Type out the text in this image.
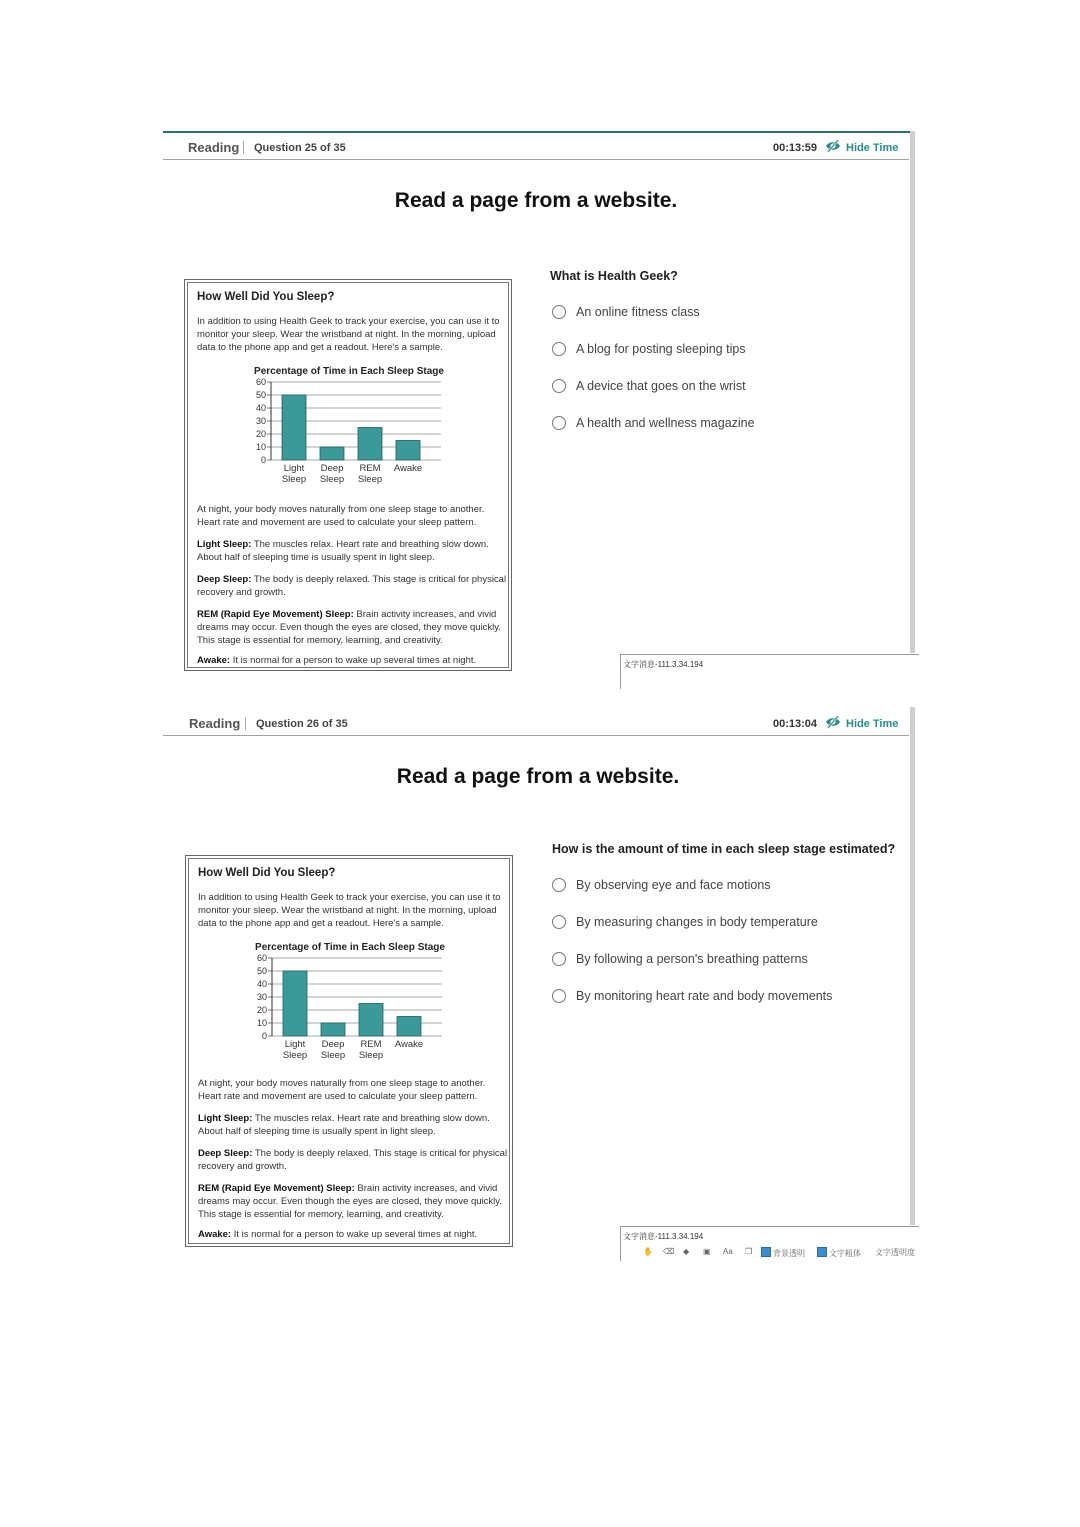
Reading Question 25 of 35	00:13:59	Hide Time
Read a page from a website.
How Well Did You Sleep?
In addition to using Health Geek to track your exercise, you can use it to monitor your sleep. Wear the wristband at night. In the morning, upload data to the phone app and get a readout. Here's a sample.
Percentage of Time in Each Sleep Stage
0
10
20
30
40
50
60
Light
Sleep
Deep
Sleep
REM
Sleep
Awake
At night, your body moves naturally from one sleep stage to another. Heart rate and movement are used to calculate your sleep pattern.
Light Sleep: The muscles relax. Heart rate and breathing slow down. About half of sleeping time is usually spent in light sleep.
Deep Sleep: The body is deeply relaxed. This stage is critical for physical recovery and growth.
REM (Rapid Eye Movement) Sleep: Brain activity increases, and vivid dreams may occur. Even though the eyes are closed, they move quickly. This stage is essential for memory, learning, and creativity.
Awake: It is normal for a person to wake up several times at night.
What is Health Geek?
An online fitness class
A blog for posting sleeping tips
A device that goes on the wrist
A health and wellness magazine
文字消息-111.3.34.194
Reading Question 26 of 35	00:13:04	Hide Time
Read a page from a website.
How Well Did You Sleep?
In addition to using Health Geek to track your exercise, you can use it to monitor your sleep. Wear the wristband at night. In the morning, upload data to the phone app and get a readout. Here's a sample.
Percentage of Time in Each Sleep Stage
0
10
20
30
40
50
60
Light
Sleep
Deep
Sleep
REM
Sleep
Awake
At night, your body moves naturally from one sleep stage to another. Heart rate and movement are used to calculate your sleep pattern.
Light Sleep: The muscles relax. Heart rate and breathing slow down. About half of sleeping time is usually spent in light sleep.
Deep Sleep: The body is deeply relaxed. This stage is critical for physical recovery and growth.
REM (Rapid Eye Movement) Sleep: Brain activity increases, and vivid dreams may occur. Even though the eyes are closed, they move quickly. This stage is essential for memory, learning, and creativity.
Awake: It is normal for a person to wake up several times at night.
How is the amount of time in each sleep stage estimated?
By observing eye and face motions
By measuring changes in body temperature
By following a person's breathing patterns
By monitoring heart rate and body movements
文字消息-111.3.34.194
✋ ⌫ ◆ ▣ Aa ❐	背景透明	文字粗体 文字透明度
